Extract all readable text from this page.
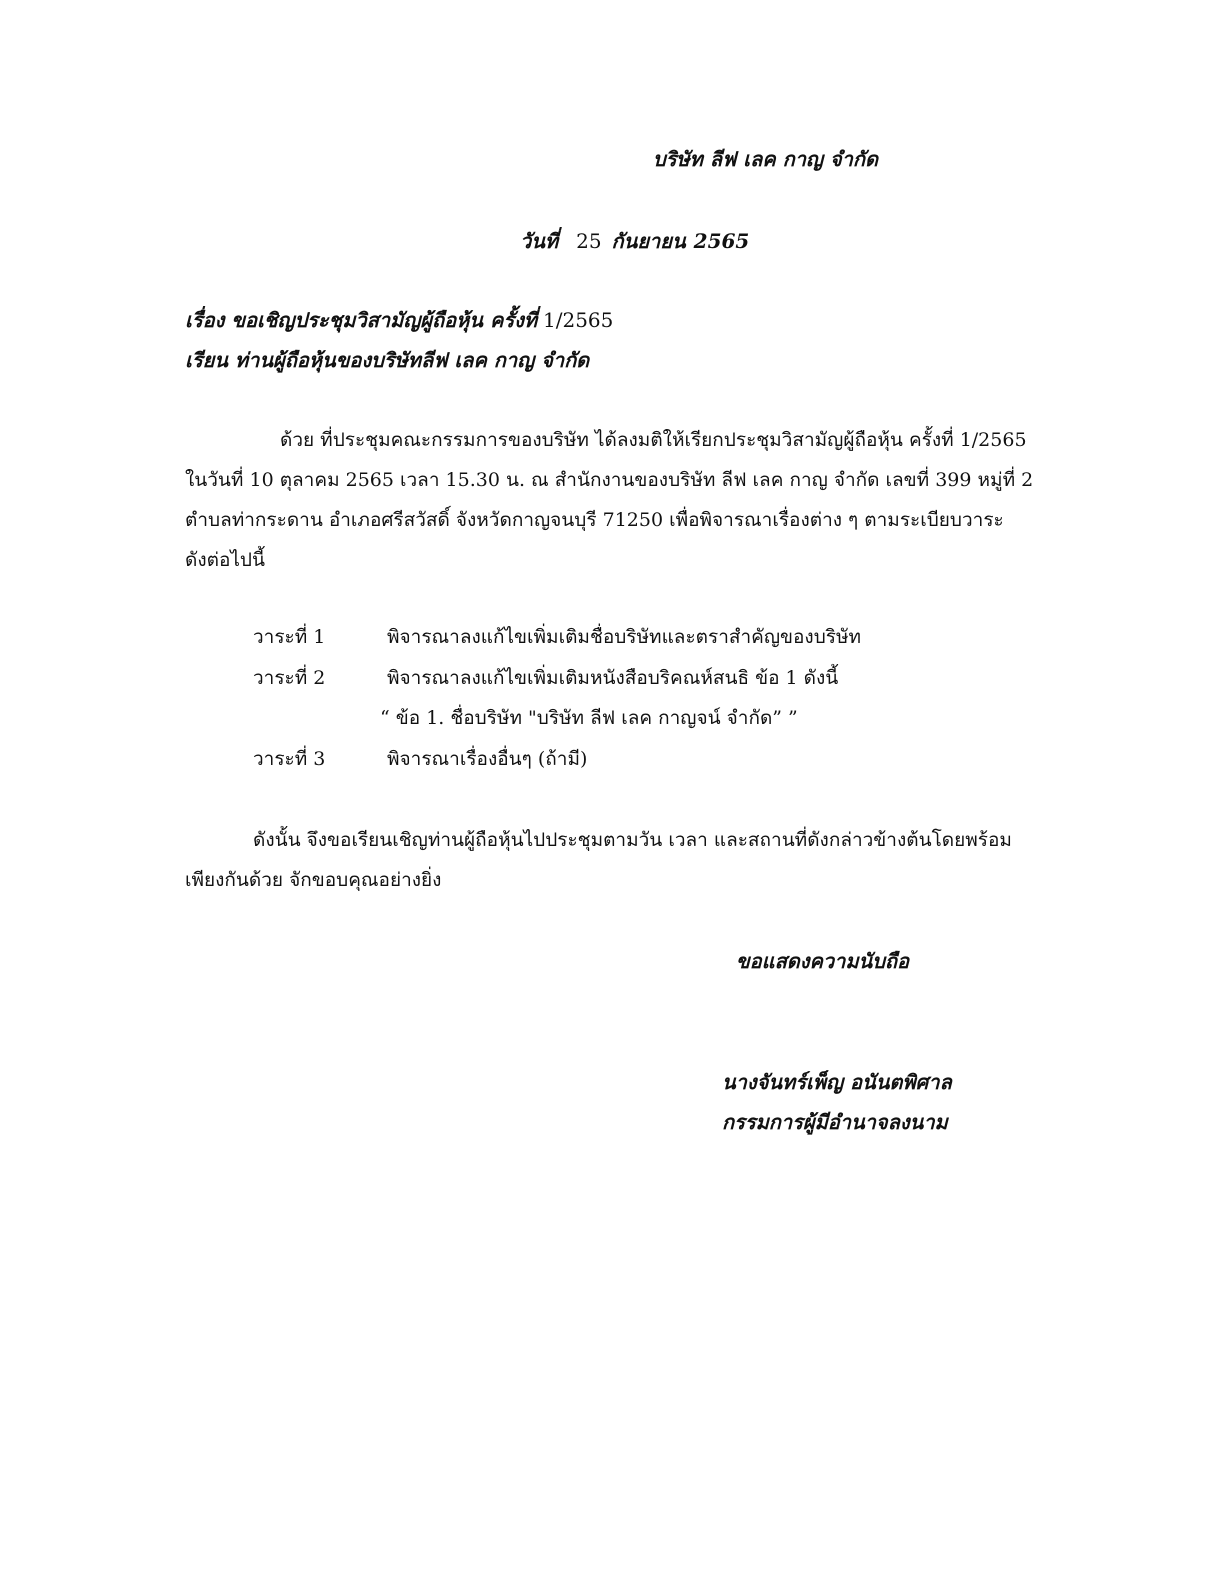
บริษัท ลีฟ เลค กาญ จำกัด
วันที่ 25 กันยายน 2565
เรื่อง ขอเชิญประชุมวิสามัญผู้ถือหุ้น ครั้งที่ 1/2565
เรียน ท่านผู้ถือหุ้นของบริษัทลีฟ เลค กาญ จำกัด
ด้วย ที่ประชุมคณะกรรมการของบริษัท ได้ลงมติให้เรียกประชุมวิสามัญผู้ถือหุ้น ครั้งที่ 1/2565
ในวันที่ 10 ตุลาคม 2565 เวลา 15.30 น. ณ สำนักงานของบริษัท ลีฟ เลค กาญ จำกัด เลขที่ 399 หมู่ที่ 2
ตำบลท่ากระดาน อำเภอศรีสวัสดิ์ จังหวัดกาญจนบุรี 71250 เพื่อพิจารณาเรื่องต่าง ๆ ตามระเบียบวาระ
ดังต่อไปนี้
วาระที่ 1	พิจารณาลงแก้ไขเพิ่มเติมชื่อบริษัทและตราสำคัญของบริษัท
วาระที่ 2	พิจารณาลงแก้ไขเพิ่มเติมหนังสือบริคณห์สนธิ ข้อ 1 ดังนี้
“ ข้อ 1. ชื่อบริษัท "บริษัท ลีฟ เลค กาญจน์ จำกัด” ”
วาระที่ 3	พิจารณาเรื่องอื่นๆ (ถ้ามี)
ดังนั้น จึงขอเรียนเชิญท่านผู้ถือหุ้นไปประชุมตามวัน เวลา และสถานที่ดังกล่าวข้างต้นโดยพร้อม
เพียงกันด้วย จักขอบคุณอย่างยิ่ง
ขอแสดงความนับถือ
นางจันทร์เพ็ญ อนันตพิศาล
กรรมการผู้มีอำนาจลงนาม
